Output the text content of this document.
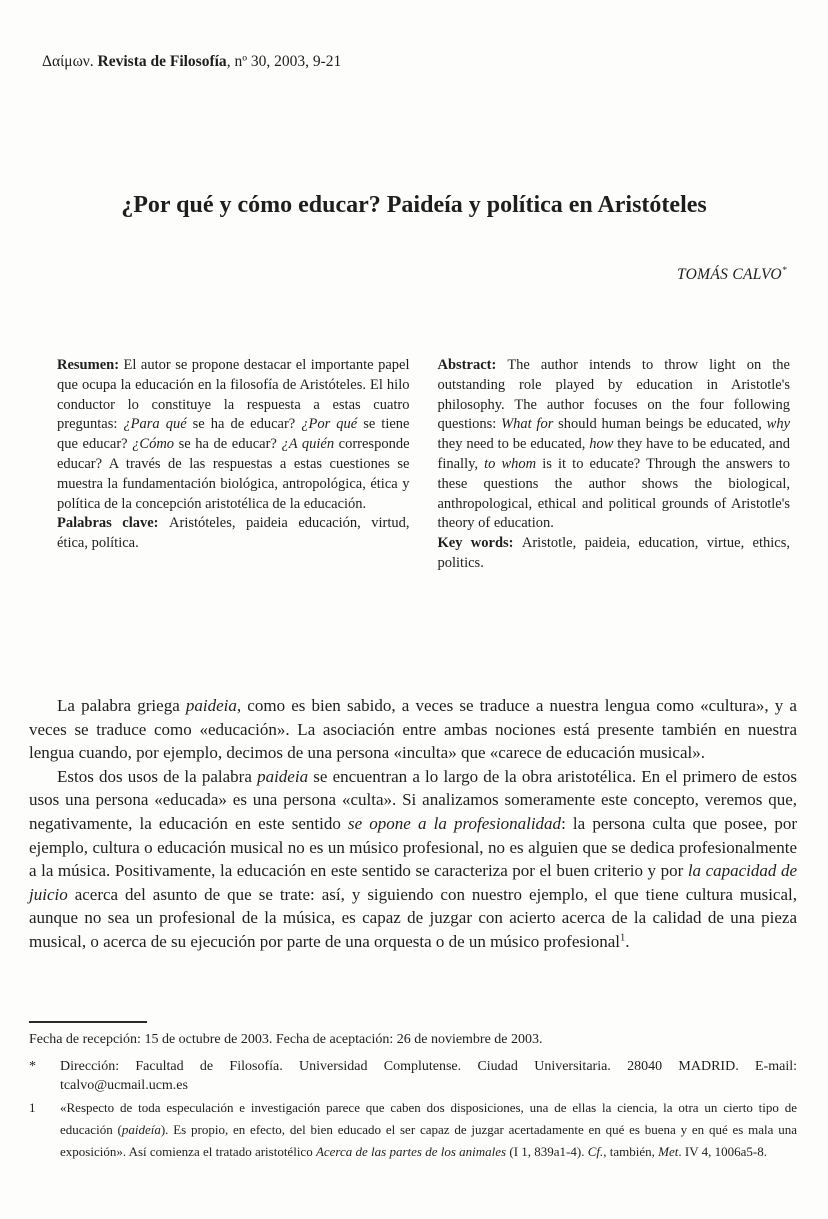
Δαίμων. Revista de Filosofía, nº 30, 2003, 9-21
¿Por qué y cómo educar? Paideía y política en Aristóteles
TOMÁS CALVO*
Resumen: El autor se propone destacar el importante papel que ocupa la educación en la filosofía de Aristóteles. El hilo conductor lo constituye la respuesta a estas cuatro preguntas: ¿Para qué se ha de educar? ¿Por qué se tiene que educar? ¿Cómo se ha de educar? ¿A quién corresponde educar? A través de las respuestas a estas cuestiones se muestra la fundamentación biológica, antropológica, ética y política de la concepción aristotélica de la educación.
Palabras clave: Aristóteles, paideia educación, virtud, ética, política.
Abstract: The author intends to throw light on the outstanding role played by education in Aristotle's philosophy. The author focuses on the four following questions: What for should human beings be educated, why they need to be educated, how they have to be educated, and finally, to whom is it to educate? Through the answers to these questions the author shows the biological, anthropological, ethical and political grounds of Aristotle's theory of education.
Key words: Aristotle, paideia, education, virtue, ethics, politics.

La palabra griega paideia, como es bien sabido, a veces se traduce a nuestra lengua como «cultura», y a veces se traduce como «educación». La asociación entre ambas nociones está presente también en nuestra lengua cuando, por ejemplo, decimos de una persona «inculta» que «carece de educación musical».

Estos dos usos de la palabra paideia se encuentran a lo largo de la obra aristotélica. En el primero de estos usos una persona «educada» es una persona «culta». Si analizamos someramente este concepto, veremos que, negativamente, la educación en este sentido se opone a la profesionalidad: la persona culta que posee, por ejemplo, cultura o educación musical no es un músico profesional, no es alguien que se dedica profesionalmente a la música. Positivamente, la educación en este sentido se caracteriza por el buen criterio y por la capacidad de juicio acerca del asunto de que se trate: así, y siguiendo con nuestro ejemplo, el que tiene cultura musical, aunque no sea un profesional de la música, es capaz de juzgar con acierto acerca de la calidad de una pieza musical, o acerca de su ejecución por parte de una orquesta o de un músico profesional$^1$.

Fecha de recepción: 15 de octubre de 2003. Fecha de aceptación: 26 de noviembre de 2003.
*	Dirección: Facultad de Filosofía. Universidad Complutense. Ciudad Universitaria. 28040 MADRID. E-mail: tcalvo@ucmail.ucm.es
1	«Respecto de toda especulación e investigación parece que caben dos disposiciones, una de ellas la ciencia, la otra un cierto tipo de educación (paideía). Es propio, en efecto, del bien educado el ser capaz de juzgar acertadamente en qué es buena y en qué es mala una exposición». Así comienza el tratado aristotélico Acerca de las partes de los animales (I 1, 839a1-4). Cf., también, Met. IV 4, 1006a5-8.
